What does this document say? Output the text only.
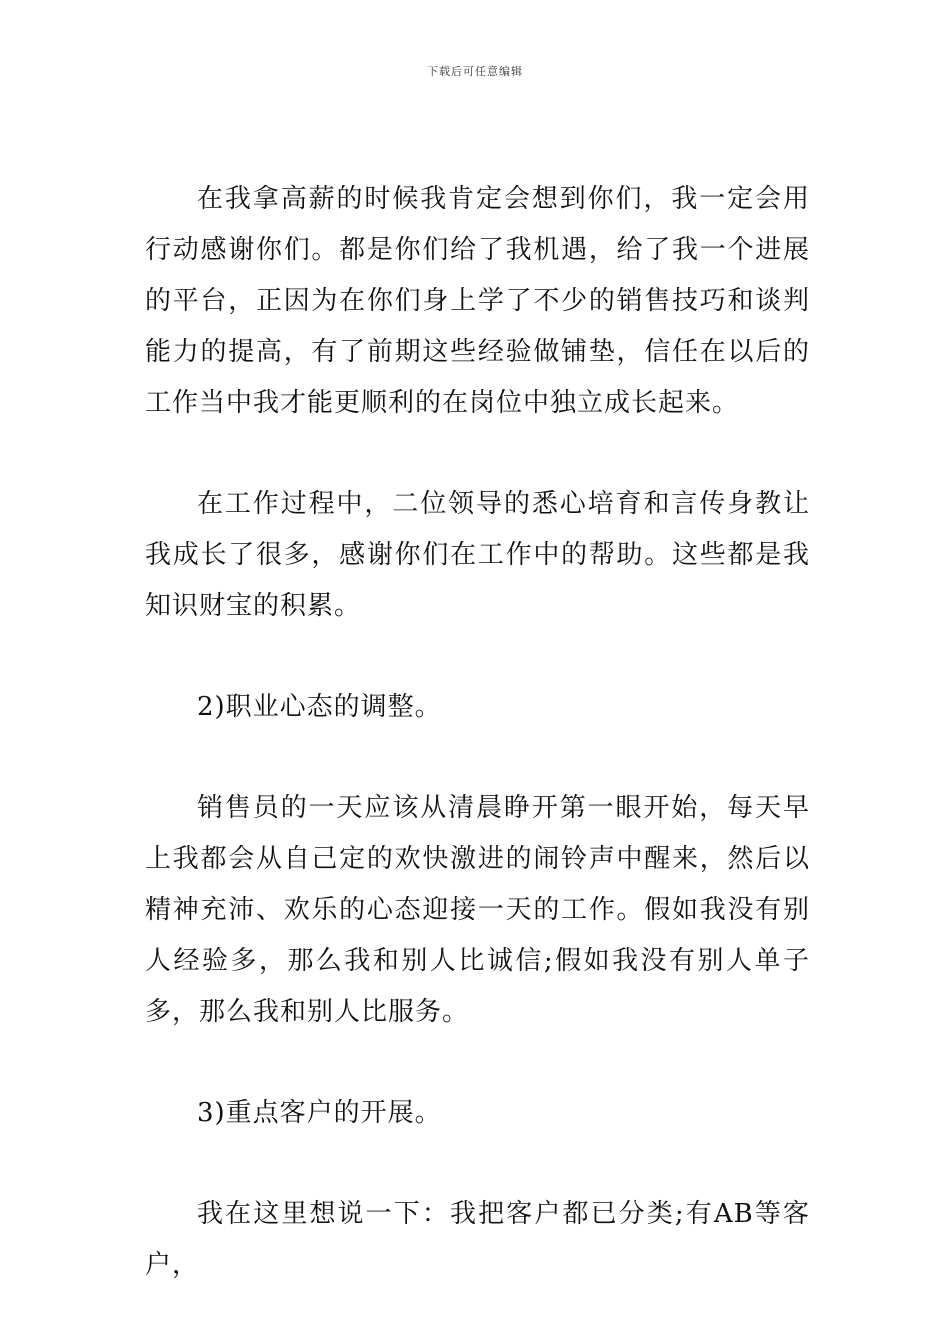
下载后可任意编辑

在我拿高薪的时候我肯定会想到你们，我一定会用行动感谢你们。都是你们给了我机遇，给了我一个进展的平台，正因为在你们身上学了不少的销售技巧和谈判能力的提高，有了前期这些经验做铺垫，信任在以后的工作当中我才能更顺利的在岗位中独立成长起来。

在工作过程中，二位领导的悉心培育和言传身教让我成长了很多，感谢你们在工作中的帮助。这些都是我知识财宝的积累。

2)职业心态的调整。

销售员的一天应该从清晨睁开第一眼开始，每天早上我都会从自己定的欢快激进的闹铃声中醒来，然后以精神充沛、欢乐的心态迎接一天的工作。假如我没有别人经验多，那么我和别人比诚信;假如我没有别人单子多，那么我和别人比服务。

3)重点客户的开展。

我在这里想说一下：我把客户都已分类;有AB等客户，
